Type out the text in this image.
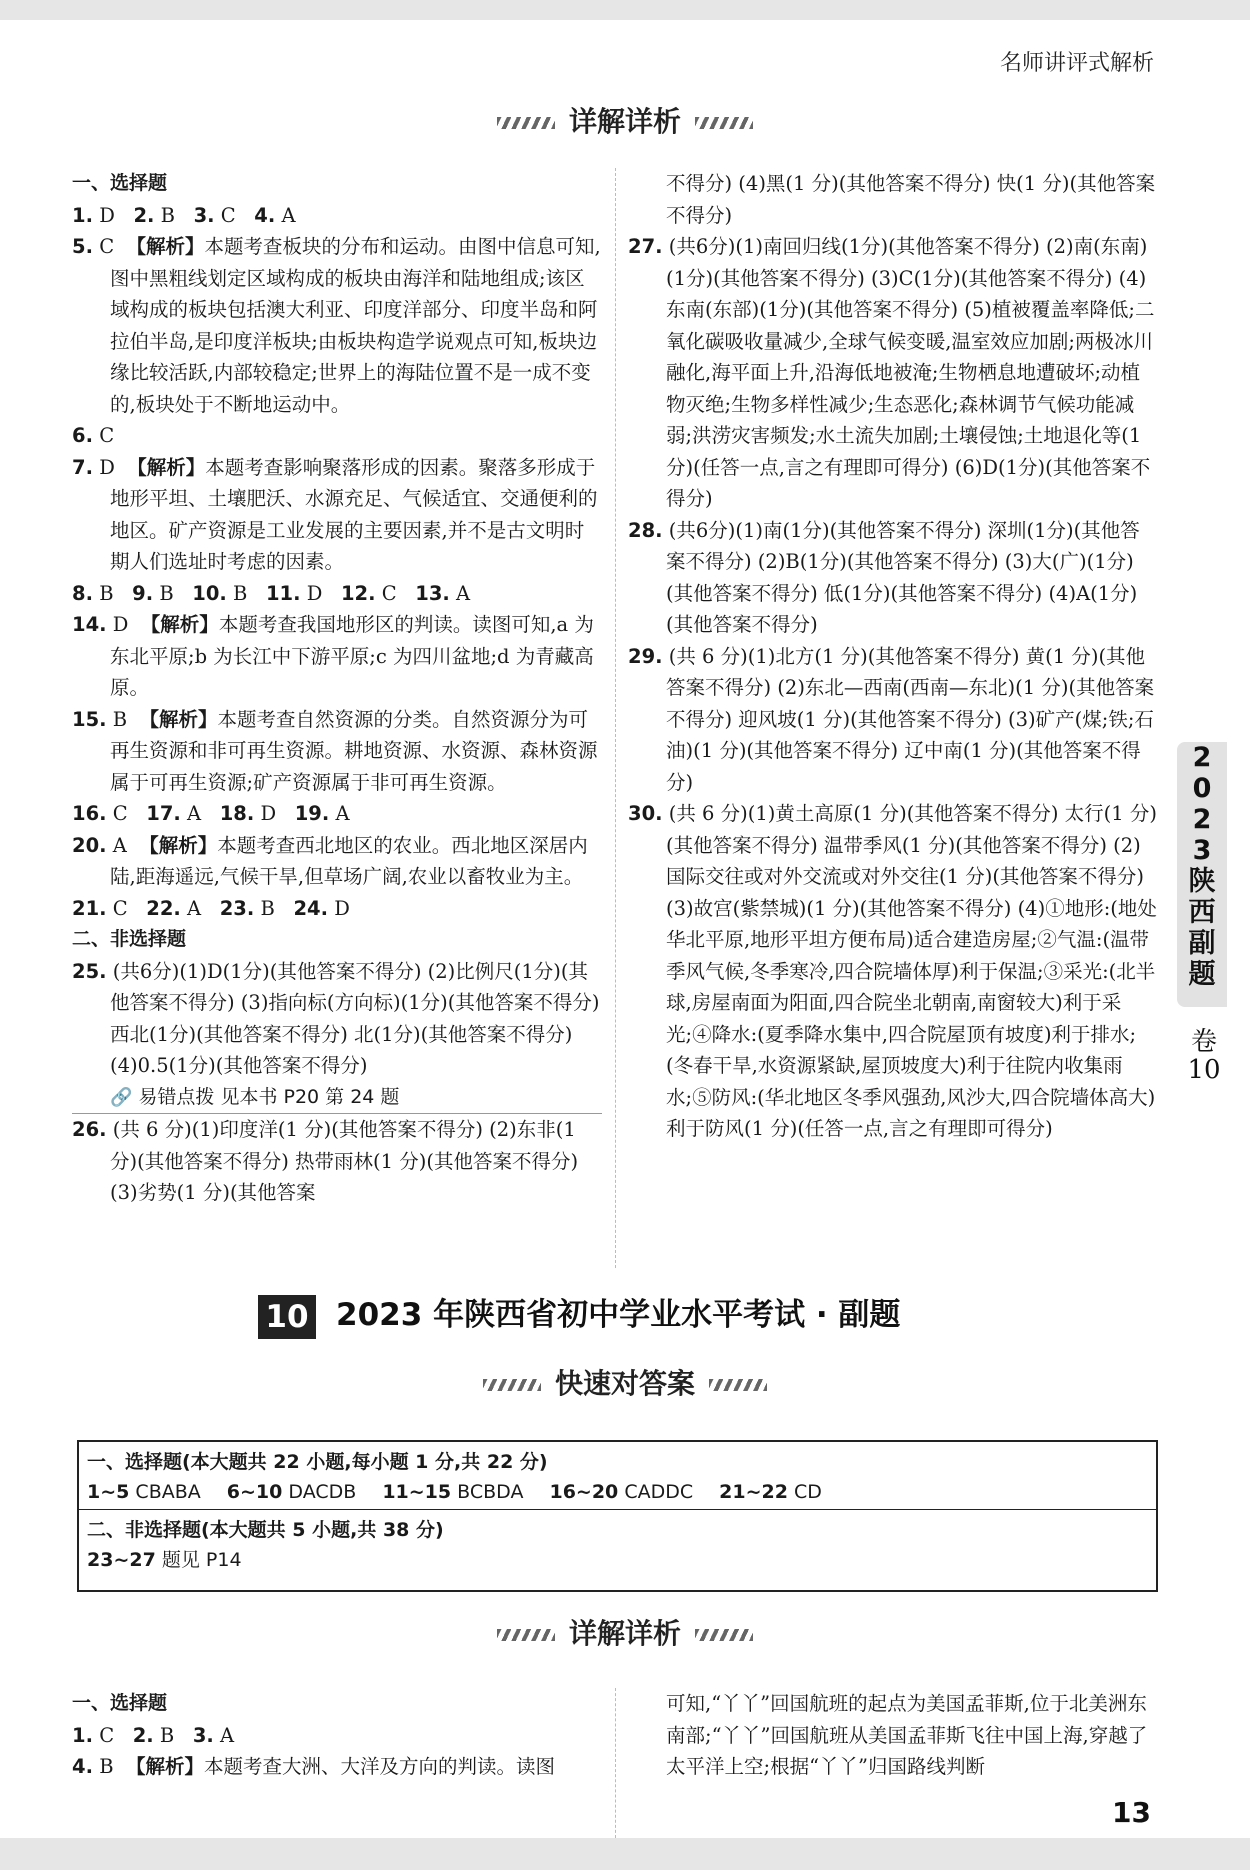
名师讲评式解析
详解详析
一、选择题
1. D 2. B 3. C 4. A
5. C 【解析】本题考查板块的分布和运动。由图中信息可知,图中黑粗线划定区域构成的板块由海洋和陆地组成;该区域构成的板块包括澳大利亚、印度洋部分、印度半岛和阿拉伯半岛,是印度洋板块;由板块构造学说观点可知,板块边缘比较活跃,内部较稳定;世界上的海陆位置不是一成不变的,板块处于不断地运动中。
6. C
7. D 【解析】本题考查影响聚落形成的因素。聚落多形成于地形平坦、土壤肥沃、水源充足、气候适宜、交通便利的地区。矿产资源是工业发展的主要因素,并不是古文明时期人们选址时考虑的因素。
8. B 9. B 10. B 11. D 12. C 13. A
14. D 【解析】本题考查我国地形区的判读。读图可知,a 为东北平原;b 为长江中下游平原;c 为四川盆地;d 为青藏高原。
15. B 【解析】本题考查自然资源的分类。自然资源分为可再生资源和非可再生资源。耕地资源、水资源、森林资源属于可再生资源;矿产资源属于非可再生资源。
16. C 17. A 18. D 19. A
20. A 【解析】本题考查西北地区的农业。西北地区深居内陆,距海遥远,气候干旱,但草场广阔,农业以畜牧业为主。
21. C 22. A 23. B 24. D
二、非选择题
25. (共6分)(1)D(1分)(其他答案不得分) (2)比例尺(1分)(其他答案不得分) (3)指向标(方向标)(1分)(其他答案不得分) 西北(1分)(其他答案不得分) 北(1分)(其他答案不得分) (4)0.5(1分)(其他答案不得分)
🔗 易错点拨 见本书 P20 第 24 题
26. (共 6 分)(1)印度洋(1 分)(其他答案不得分) (2)东非(1 分)(其他答案不得分) 热带雨林(1 分)(其他答案不得分) (3)劣势(1 分)(其他答案
不得分) (4)黑(1 分)(其他答案不得分) 快(1 分)(其他答案不得分)
27. (共6分)(1)南回归线(1分)(其他答案不得分) (2)南(东南)(1分)(其他答案不得分) (3)C(1分)(其他答案不得分) (4)东南(东部)(1分)(其他答案不得分) (5)植被覆盖率降低;二氧化碳吸收量减少,全球气候变暖,温室效应加剧;两极冰川融化,海平面上升,沿海低地被淹;生物栖息地遭破坏;动植物灭绝;生物多样性减少;生态恶化;森林调节气候功能减弱;洪涝灾害频发;水土流失加剧;土壤侵蚀;土地退化等(1分)(任答一点,言之有理即可得分) (6)D(1分)(其他答案不得分)
28. (共6分)(1)南(1分)(其他答案不得分) 深圳(1分)(其他答案不得分) (2)B(1分)(其他答案不得分) (3)大(广)(1分)(其他答案不得分) 低(1分)(其他答案不得分) (4)A(1分)(其他答案不得分)
29. (共 6 分)(1)北方(1 分)(其他答案不得分) 黄(1 分)(其他答案不得分) (2)东北—西南(西南—东北)(1 分)(其他答案不得分) 迎风坡(1 分)(其他答案不得分) (3)矿产(煤;铁;石油)(1 分)(其他答案不得分) 辽中南(1 分)(其他答案不得分)
30. (共 6 分)(1)黄土高原(1 分)(其他答案不得分) 太行(1 分)(其他答案不得分) 温带季风(1 分)(其他答案不得分) (2)国际交往或对外交流或对外交往(1 分)(其他答案不得分) (3)故宫(紫禁城)(1 分)(其他答案不得分) (4)①地形:(地处华北平原,地形平坦方便布局)适合建造房屋;②气温:(温带季风气候,冬季寒冷,四合院墙体厚)利于保温;③采光:(北半球,房屋南面为阳面,四合院坐北朝南,南窗较大)利于采光;④降水:(夏季降水集中,四合院屋顶有坡度)利于排水;(冬春干旱,水资源紧缺,屋顶坡度大)利于往院内收集雨水;⑤防风:(华北地区冬季风强劲,风沙大,四合院墙体高大)利于防风(1 分)(任答一点,言之有理即可得分)
2
0
2
3
陕
西
副
题
卷
10
10 2023 年陕西省初中学业水平考试 · 副题
快速对答案
一、选择题(本大题共 22 小题,每小题 1 分,共 22 分)
1~5 CBABA 6~10 DACDB 11~15 BCBDA 16~20 CADDC 21~22 CD
二、非选择题(本大题共 5 小题,共 38 分)
23~27 题见 P14
详解详析
一、选择题
1. C 2. B 3. A
4. B 【解析】本题考查大洲、大洋及方向的判读。读图
可知,“丫丫”回国航班的起点为美国孟菲斯,位于北美洲东南部;“丫丫”回国航班从美国孟菲斯飞往中国上海,穿越了太平洋上空;根据“丫丫”归国路线判断
13
